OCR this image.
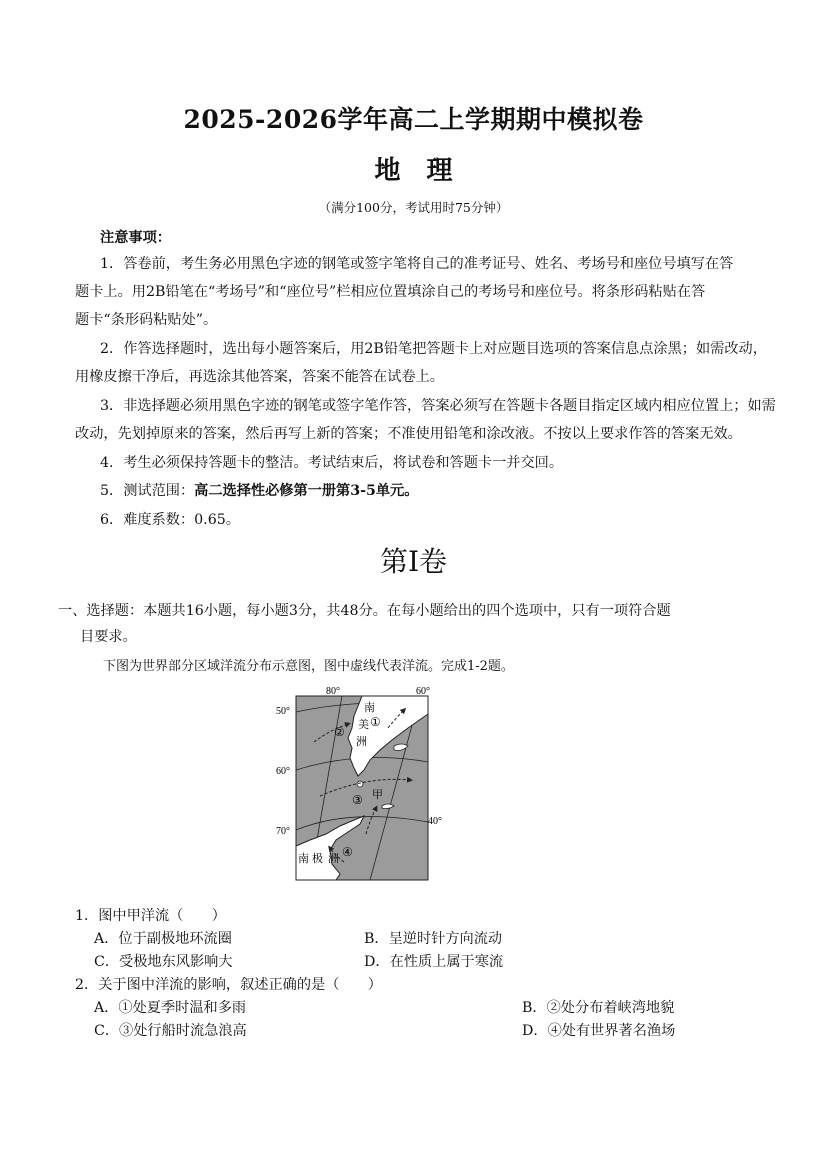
2025-2026学年高二上学期期中模拟卷
地理
（满分100分，考试用时75分钟）
注意事项：
1．答卷前，考生务必用黑色字迹的钢笔或签字笔将自己的准考证号、姓名、考场号和座位号填写在答
题卡上。用2B铅笔在“考场号”和“座位号”栏相应位置填涂自己的考场号和座位号。将条形码粘贴在答
题卡“条形码粘贴处”。
2．作答选择题时，选出每小题答案后，用2B铅笔把答题卡上对应题目选项的答案信息点涂黑；如需改动，
用橡皮擦干净后，再选涂其他答案，答案不能答在试卷上。
3．非选择题必须用黑色字迹的钢笔或签字笔作答，答案必须写在答题卡各题目指定区域内相应位置上；如需
改动，先划掉原来的答案，然后再写上新的答案；不准使用铅笔和涂改液。不按以上要求作答的答案无效。
4．考生必须保持答题卡的整洁。考试结束后，将试卷和答题卡一并交回。
5．测试范围：高二选择性必修第一册第3-5单元。
6．难度系数：0.65。
第I卷
一、选择题：本题共16小题，每小题3分，共48分。在每小题给出的四个选项中，只有一项符合题
目要求。
下图为世界部分区域洋流分布示意图，图中虚线代表洋流。完成1-2题。
80°	60°
40°
50°
60°
70°
南
美
洲
南 极 洲
①
②
③
④
甲
1．图中甲洋流（　　）
A．位于副极地环流圈	B．呈逆时针方向流动
C．受极地东风影响大	D．在性质上属于寒流
2．关于图中洋流的影响，叙述正确的是（　　）
A．①处夏季时温和多雨	B．②处分布着峡湾地貌
C．③处行船时流急浪高	D．④处有世界著名渔场
